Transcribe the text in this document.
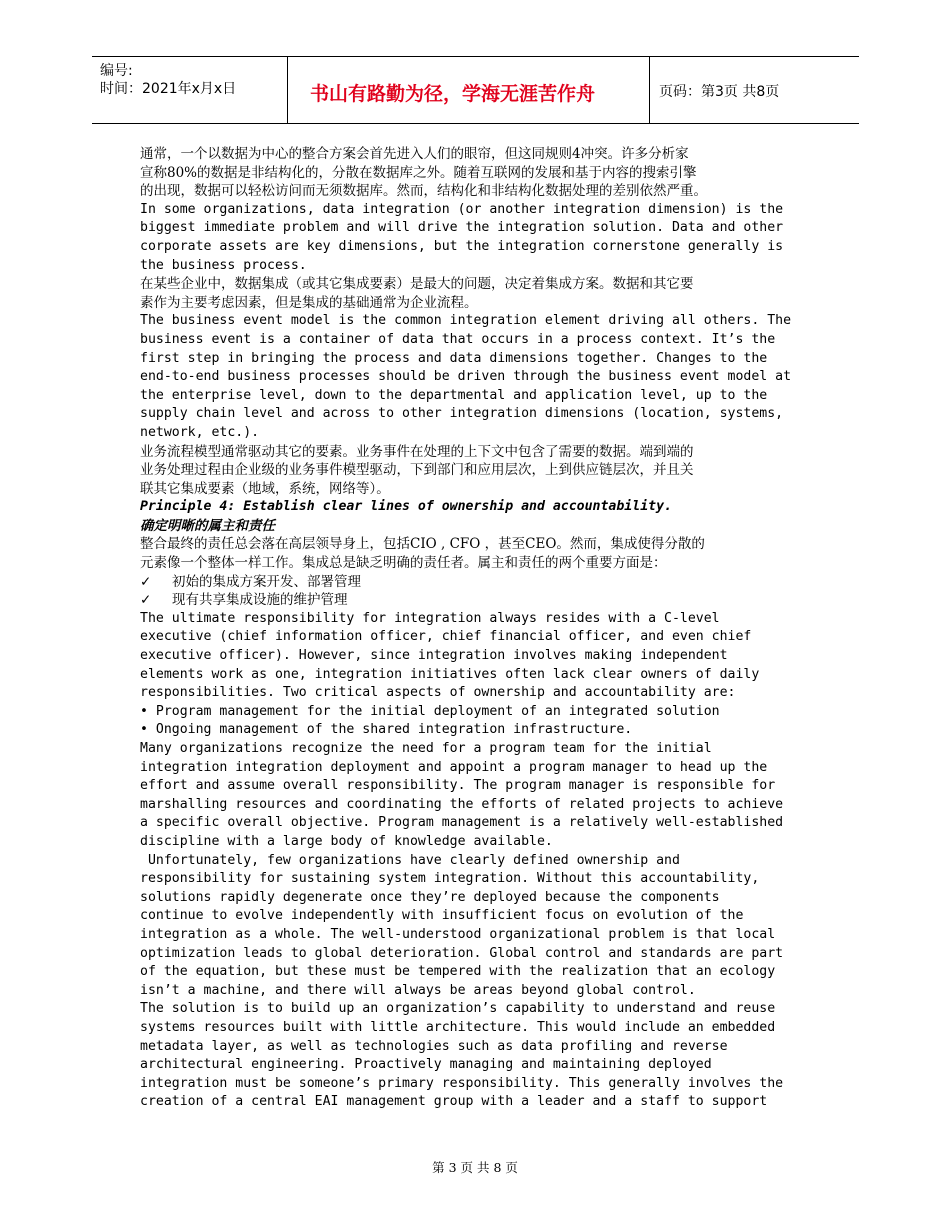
编号:
时间：2021年x月x日	书山有路勤为径，学海无涯苦作舟	页码：第3页 共8页
通常，一个以数据为中心的整合方案会首先进入人们的眼帘，但这同规则4冲突。许多分析家
宣称80%的数据是非结构化的，分散在数据库之外。随着互联网的发展和基于内容的搜索引擎
的出现，数据可以轻松访问而无须数据库。然而，结构化和非结构化数据处理的差别依然严重。
In some organizations, data integration (or another integration dimension) is the
biggest immediate problem and will drive the integration solution. Data and other
corporate assets are key dimensions, but the integration cornerstone generally is
the business process.
在某些企业中，数据集成（或其它集成要素）是最大的问题，决定着集成方案。数据和其它要
素作为主要考虑因素，但是集成的基础通常为企业流程。
The business event model is the common integration element driving all others. The
business event is a container of data that occurs in a process context. It’s the
first step in bringing the process and data dimensions together. Changes to the
end-to-end business processes should be driven through the business event model at
the enterprise level, down to the departmental and application level, up to the
supply chain level and across to other integration dimensions (location, systems,
network, etc.).
业务流程模型通常驱动其它的要素。业务事件在处理的上下文中包含了需要的数据。端到端的
业务处理过程由企业级的业务事件模型驱动，下到部门和应用层次，上到供应链层次，并且关
联其它集成要素（地域，系统，网络等）。
Principle 4: Establish clear lines of ownership and accountability.
确定明晰的属主和责任
整合最终的责任总会落在高层领导身上，包括CIO , CFO ，甚至CEO。然而，集成使得分散的
元素像一个整体一样工作。集成总是缺乏明确的责任者。属主和责任的两个重要方面是：
✓ 初始的集成方案开发、部署管理
✓ 现有共享集成设施的维护管理
The ultimate responsibility for integration always resides with a C-level
executive (chief information officer, chief financial officer, and even chief
executive officer). However, since integration involves making independent
elements work as one, integration initiatives often lack clear owners of daily
responsibilities. Two critical aspects of ownership and accountability are:
• Program management for the initial deployment of an integrated solution
• Ongoing management of the shared integration infrastructure.
Many organizations recognize the need for a program team for the initial
integration integration deployment and appoint a program manager to head up the
effort and assume overall responsibility. The program manager is responsible for
marshalling resources and coordinating the efforts of related projects to achieve
a specific overall objective. Program management is a relatively well-established
discipline with a large body of knowledge available.
Unfortunately, few organizations have clearly defined ownership and
responsibility for sustaining system integration. Without this accountability,
solutions rapidly degenerate once they’re deployed because the components
continue to evolve independently with insufficient focus on evolution of the
integration as a whole. The well-understood organizational problem is that local
optimization leads to global deterioration. Global control and standards are part
of the equation, but these must be tempered with the realization that an ecology
isn’t a machine, and there will always be areas beyond global control.
The solution is to build up an organization’s capability to understand and reuse
systems resources built with little architecture. This would include an embedded
metadata layer, as well as technologies such as data profiling and reverse
architectural engineering. Proactively managing and maintaining deployed
integration must be someone’s primary responsibility. This generally involves the
creation of a central EAI management group with a leader and a staff to support
第 3 页 共 8 页
